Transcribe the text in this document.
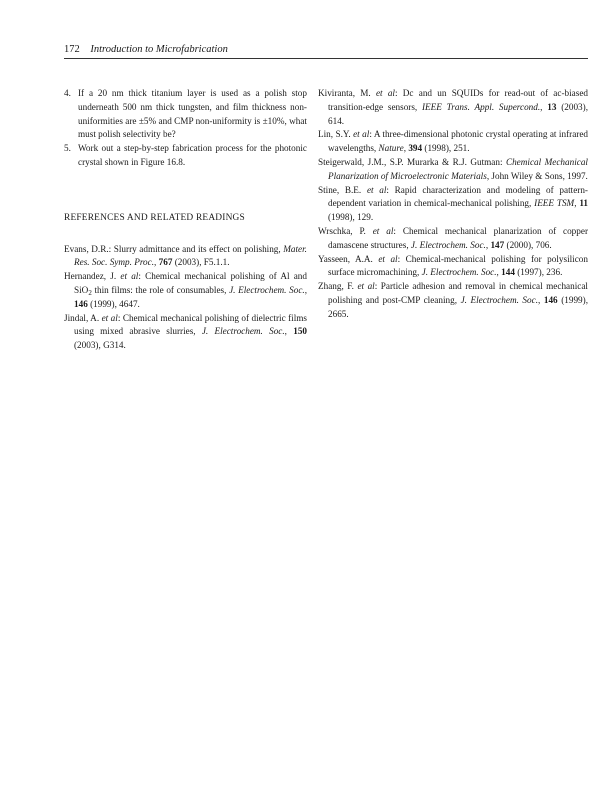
172 Introduction to Microfabrication
4. If a 20 nm thick titanium layer is used as a polish stop underneath 500 nm thick tungsten, and film thickness non-uniformities are ±5% and CMP non-uniformity is ±10%, what must polish selectivity be?
5. Work out a step-by-step fabrication process for the photonic crystal shown in Figure 16.8.
REFERENCES AND RELATED READINGS

Evans, D.R.: Slurry admittance and its effect on polishing, Mater. Res. Soc. Symp. Proc., 767 (2003), F5.1.1.

Hernandez, J. et al: Chemical mechanical polishing of Al and SiO$_2$ thin films: the role of consumables, J. Electrochem. Soc., 146 (1999), 4647.

Jindal, A. et al: Chemical mechanical polishing of dielectric films using mixed abrasive slurries, J. Electrochem. Soc., 150 (2003), G314.

Kiviranta, M. et al: Dc and un SQUIDs for read-out of ac-biased transition-edge sensors, IEEE Trans. Appl. Supercond., 13 (2003), 614.

Lin, S.Y. et al: A three-dimensional photonic crystal operating at infrared wavelengths, Nature, 394 (1998), 251.

Steigerwald, J.M., S.P. Murarka & R.J. Gutman: Chemical Mechanical Planarization of Microelectronic Materials, John Wiley & Sons, 1997.

Stine, B.E. et al: Rapid characterization and modeling of pattern-dependent variation in chemical-mechanical polishing, IEEE TSM, 11 (1998), 129.

Wrschka, P. et al: Chemical mechanical planarization of copper damascene structures, J. Electrochem. Soc., 147 (2000), 706.

Yasseen, A.A. et al: Chemical-mechanical polishing for polysilicon surface micromachining, J. Electrochem. Soc., 144 (1997), 236.

Zhang, F. et al: Particle adhesion and removal in chemical mechanical polishing and post-CMP cleaning, J. Electrochem. Soc., 146 (1999), 2665.
